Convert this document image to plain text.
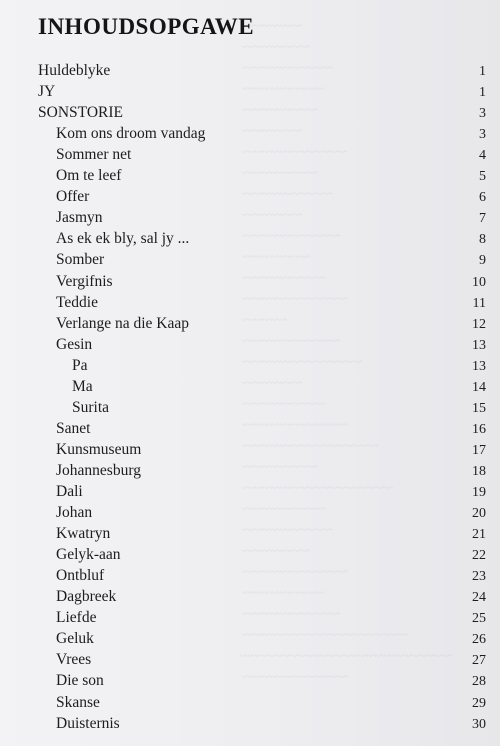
~~~~~~~~
~~~~~~~~~
~~~~~~~~~~~~
~~~~~~~~~~~
~~~~~~~~~~
~~~~~~~~
~~~~~~~~~~~~~~
~~~~~~~~~~
~~~~~~~~~~~~
~~~~~~~~
~~~~~~~~~~~~~
~~~~~~~~~
~~~~~~~~~~~
~~~~~~~~~~~~~~
~~~~~~
~~~~~~~~~~~~~
~~~~~~~~~~~~~~~~
~~~~~~~~
~~~~~~~~~~~
~~~~~~~~~~~~~~
~~~~~~~~~~~~~~~~~~
~~~~~~~~~~
~~~~~~~~~~~~~~~~~~~~
~~~~~~~~~~~
~~~~~~~~~~~~
~~~~~~~~~
~~~~~~~~~~~~~~
~~~~~~~~~~~
~~~~~~~~~~~~~
~~~~~~~~~~~~~~~~~~~~~~
~~~~~~~~~~~~~~~~~~~~~~~~~~~~
~~~~~~~~~~~~~~
INHOUDSOPGAWE
Huldeblyke	1
JY	1
SONSTORIE	3
Kom ons droom vandag	3
Sommer net	4
Om te leef	5
Offer	6
Jasmyn	7
As ek ek bly, sal jy ...	8
Somber	9
Vergifnis	10
Teddie	11
Verlange na die Kaap	12
Gesin	13
Pa	13
Ma	14
Surita	15
Sanet	16
Kunsmuseum	17
Johannesburg	18
Dali	19
Johan	20
Kwatryn	21
Gelyk-aan	22
Ontbluf	23
Dagbreek	24
Liefde	25
Geluk	26
Vrees	27
Die son	28
Skanse	29
Duisternis	30
